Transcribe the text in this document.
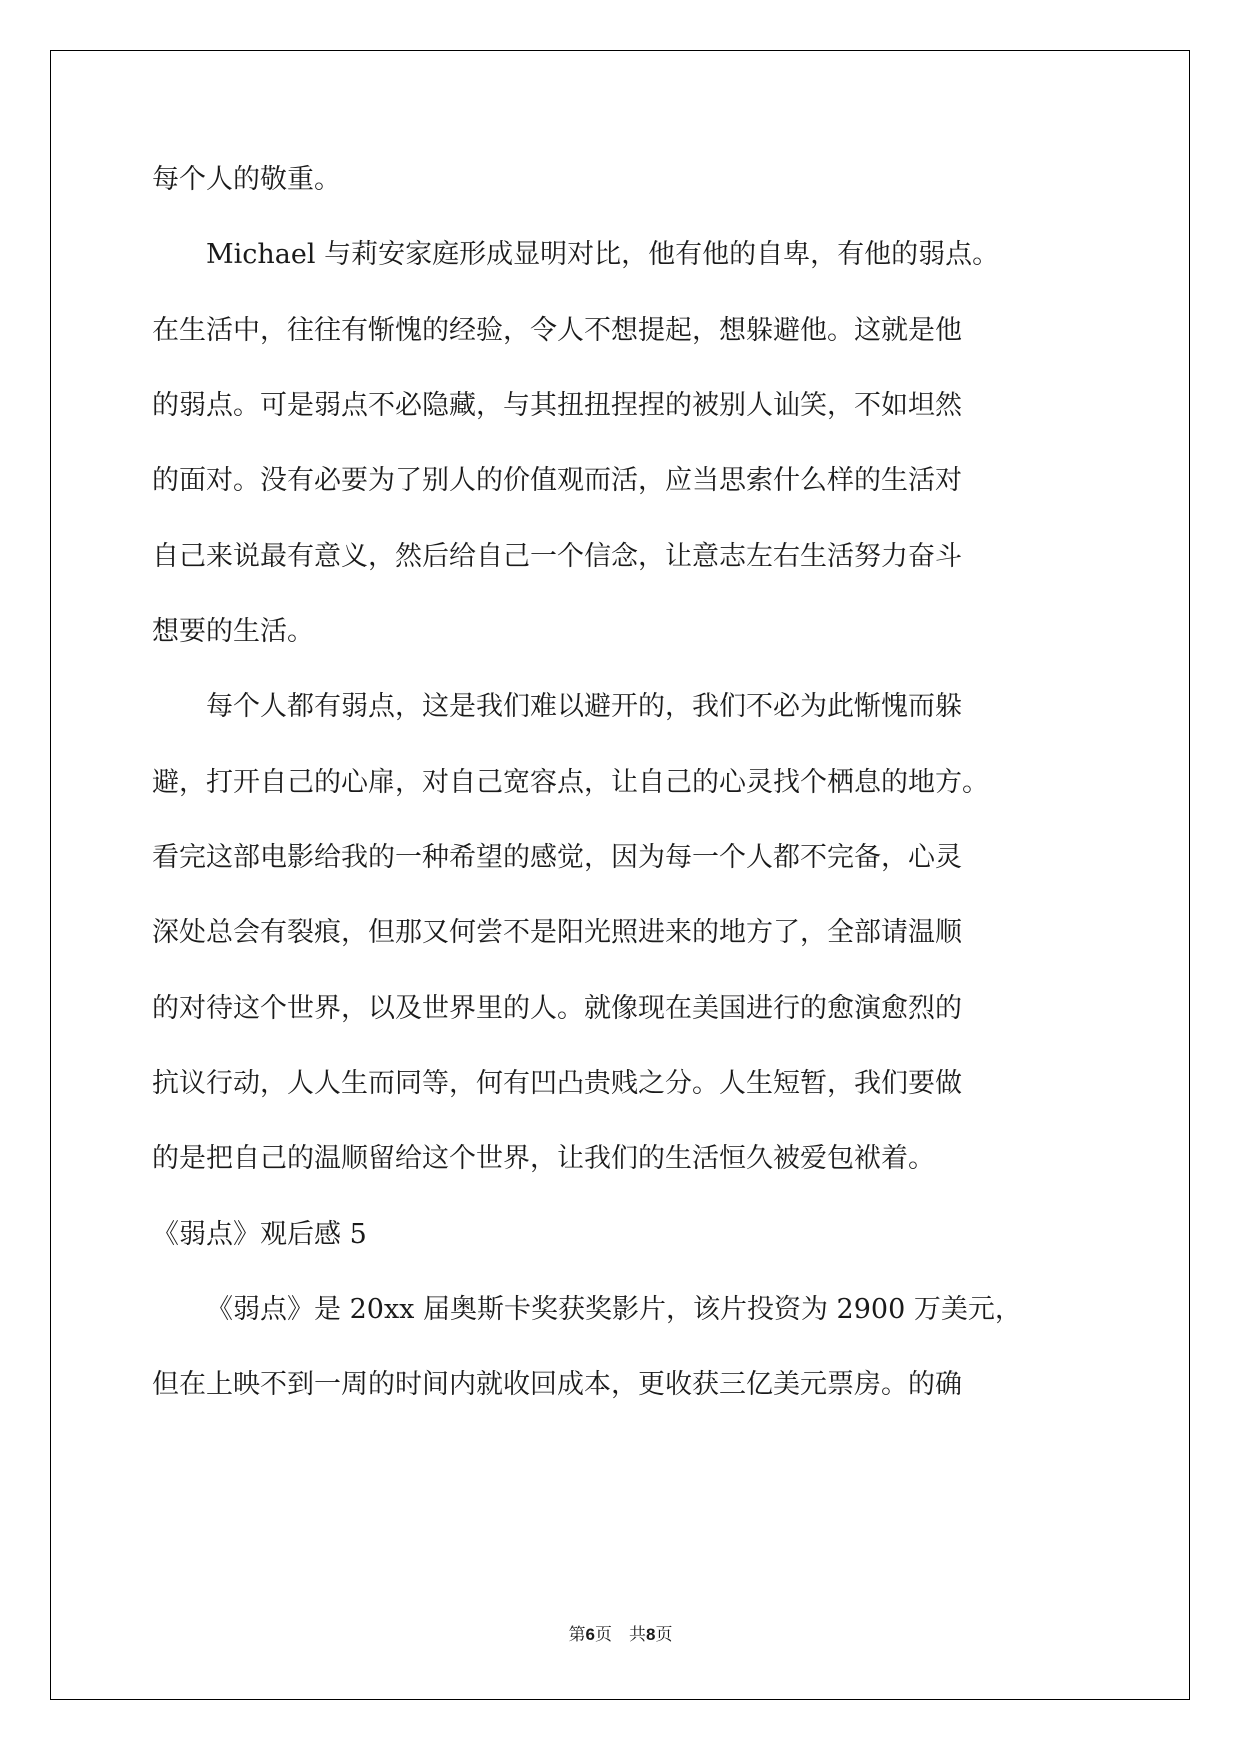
每个人的敬重。
Michael 与莉安家庭形成显明对比，他有他的自卑，有他的弱点。
在生活中，往往有惭愧的经验，令人不想提起，想躲避他。这就是他
的弱点。可是弱点不必隐藏，与其扭扭捏捏的被别人讪笑，不如坦然
的面对。没有必要为了别人的价值观而活，应当思索什么样的生活对
自己来说最有意义，然后给自己一个信念，让意志左右生活努力奋斗
想要的生活。
每个人都有弱点，这是我们难以避开的，我们不必为此惭愧而躲
避，打开自己的心扉，对自己宽容点，让自己的心灵找个栖息的地方。
看完这部电影给我的一种希望的感觉，因为每一个人都不完备，心灵
深处总会有裂痕，但那又何尝不是阳光照进来的地方了，全部请温顺
的对待这个世界，以及世界里的人。就像现在美国进行的愈演愈烈的
抗议行动，人人生而同等，何有凹凸贵贱之分。人生短暂，我们要做
的是把自己的温顺留给这个世界，让我们的生活恒久被爱包袱着。
《弱点》观后感 5
《弱点》是 20xx 届奥斯卡奖获奖影片，该片投资为 2900 万美元，
但在上映不到一周的时间内就收回成本，更收获三亿美元票房。的确
第6页　共8页
